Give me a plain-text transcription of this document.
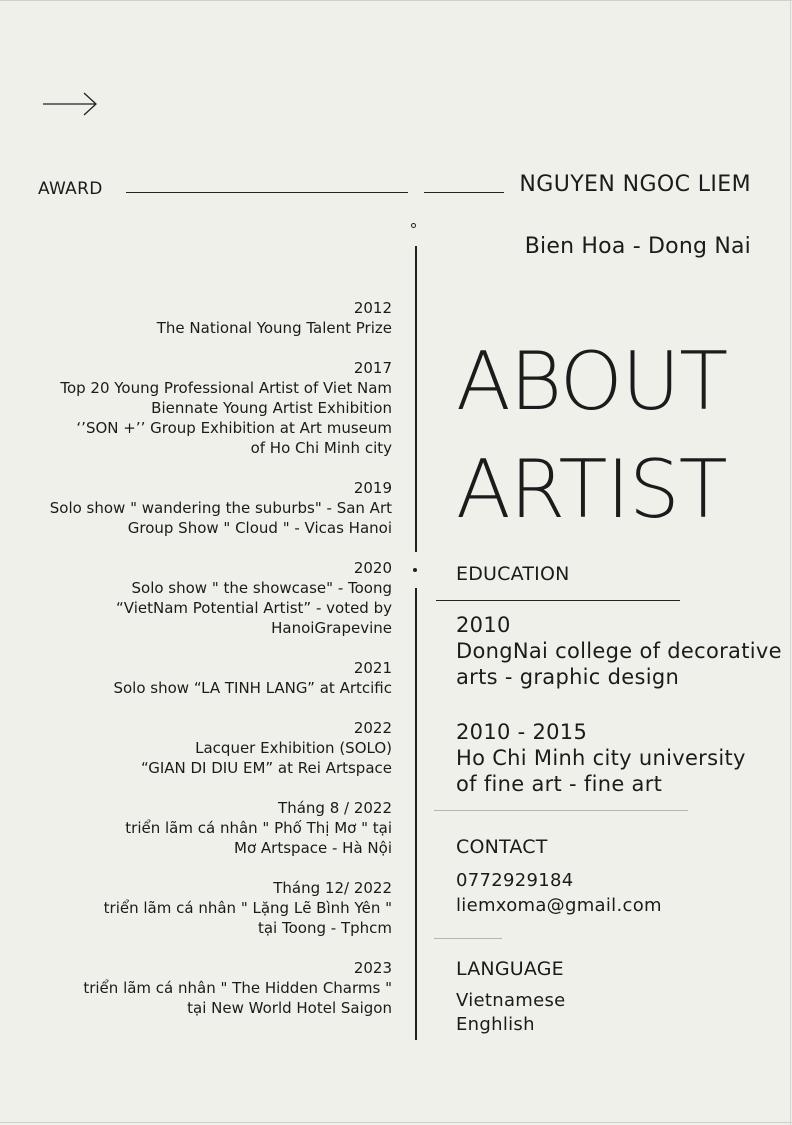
AWARD	NGUYEN NGOC LIEM
Bien Hoa - Dong Nai
2012
The National Young Talent Prize
2017
Top 20 Young Professional Artist of Viet Nam
Biennate Young Artist Exhibition
‘’SON +’’ Group Exhibition at Art museum
of Ho Chi Minh city
2019
Solo show " wandering the suburbs" - San Art
Group Show " Cloud " - Vicas Hanoi
2020
Solo show " the showcase" - Toong
“VietNam Potential Artist” - voted by
HanoiGrapevine
2021
Solo show “LA TINH LANG” at Artcific
2022
Lacquer Exhibition (SOLO)
“GIAN DI DIU EM” at Rei Artspace
Tháng 8 / 2022
triển lãm cá nhân " Phố Thị Mơ " tại
Mơ Artspace - Hà Nội
Tháng 12/ 2022
triển lãm cá nhân " Lặng Lẽ Bình Yên "
tại Toong - Tphcm
2023
triển lãm cá nhân " The Hidden Charms "
tại New World Hotel Saigon
ABOUT
ARTIST
EDUCATION
2010
DongNai college of decorative
arts - graphic design
2010 - 2015
Ho Chi Minh city university
of fine art - fine art
CONTACT
0772929184
liemxoma@gmail.com
LANGUAGE
Vietnamese
Enghlish
